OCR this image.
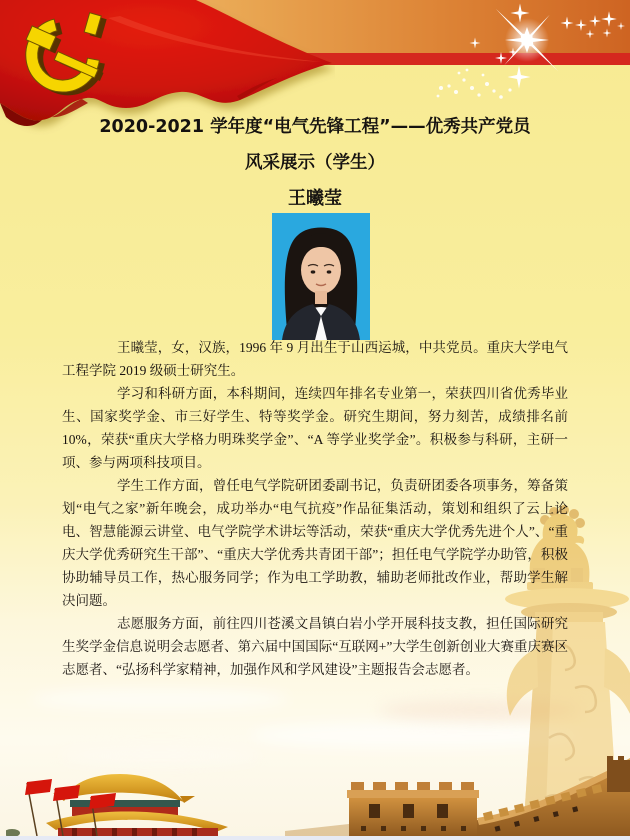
2020-2021 学年度“电气先锋工程”——优秀共产党员
风采展示（学生）
王曦莹

王曦莹，女，汉族，1996 年 9 月出生于山西运城，中共党员。重庆大学电气工程学院 2019 级硕士研究生。

学习和科研方面，本科期间，连续四年排名专业第一，荣获四川省优秀毕业生、国家奖学金、市三好学生、特等奖学金。研究生期间，努力刻苦，成绩排名前 10%，荣获“重庆大学格力明珠奖学金”、“A 等学业奖学金”。积极参与科研，主研一项、参与两项科技项目。

学生工作方面，曾任电气学院研团委副书记，负责研团委各项事务，筹备策划“电气之家”新年晚会，成功举办“电气抗疫”作品征集活动，策划和组织了云上论电、智慧能源云讲堂、电气学院学术讲坛等活动，荣获“重庆大学优秀先进个人”、“重庆大学优秀研究生干部”、“重庆大学优秀共青团干部”；担任电气学院学办助管，积极协助辅导员工作，热心服务同学；作为电工学助教，辅助老师批改作业，帮助学生解决问题。

志愿服务方面，前往四川苍溪文昌镇白岩小学开展科技支教，担任国际研究生奖学金信息说明会志愿者、第六届中国国际“互联网+”大学生创新创业大赛重庆赛区志愿者、“弘扬科学家精神，加强作风和学风建设”主题报告会志愿者。
